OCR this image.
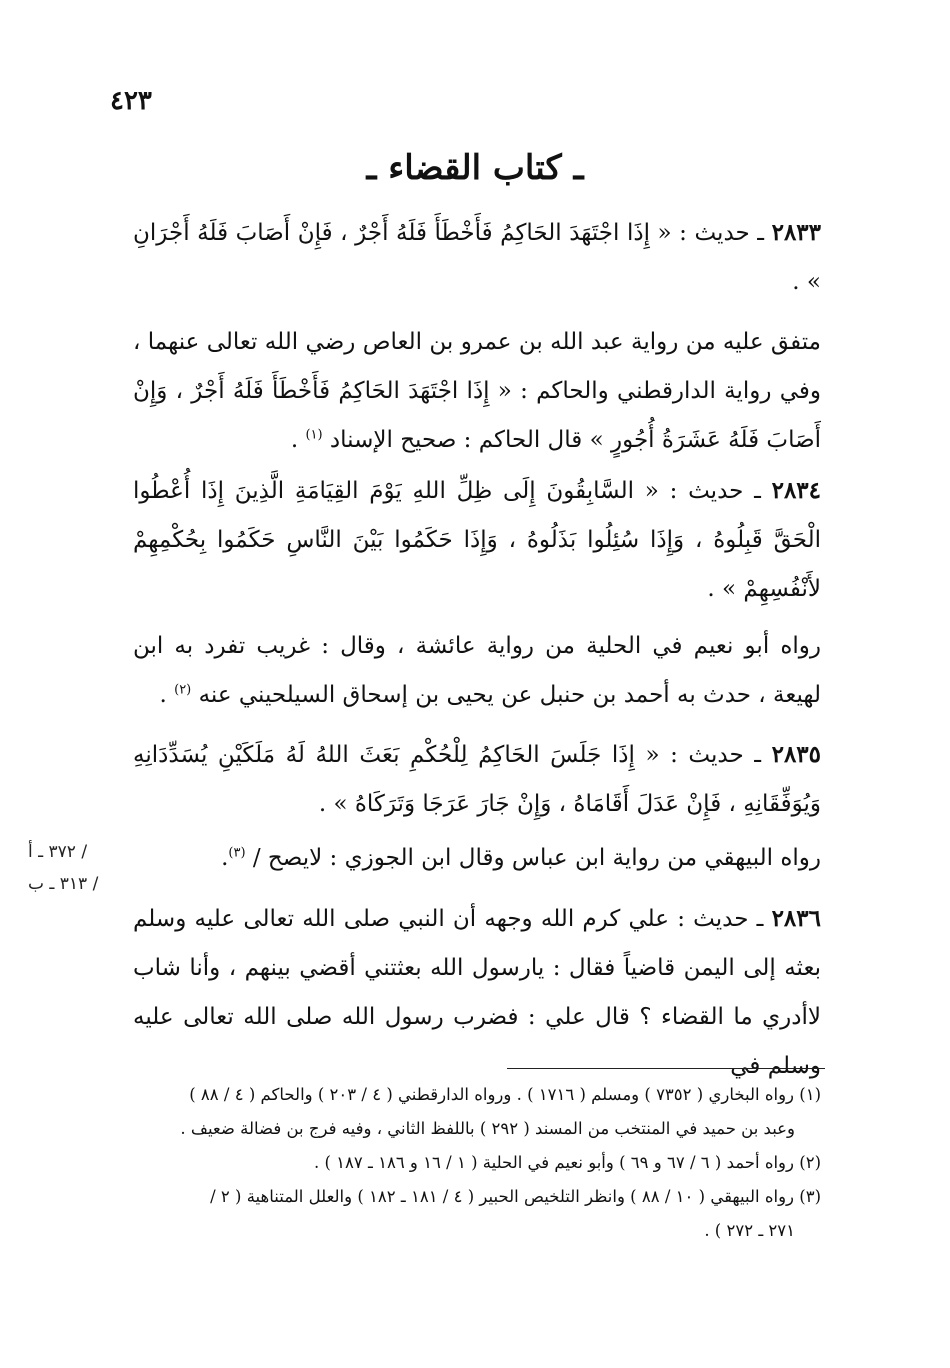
٤٢٣
ـ كتاب القضاء ـ

٢٨٣٣ ـ حديث : « إِذَا اجْتَهَدَ الحَاكِمُ فَأَخْطَأَ فَلَهُ أَجْرٌ ، فَإِنْ أَصَابَ فَلَهُ أَجْرَانِ » .

متفق عليه من رواية عبد الله بن عمرو بن العاص رضي الله تعالى عنهما ، وفي رواية الدارقطني والحاكم : « إِذَا اجْتَهَدَ الحَاكِمُ فَأَخْطَأَ فَلَهُ أَجْرٌ ، وَإِنْ أَصَابَ فَلَهُ عَشَرَةُ أُجُورٍ » قال الحاكم : صحيح الإسناد $^{(١)}$ .

٢٨٣٤ ـ حديث : « السَّابِقُونَ إِلَى ظِلِّ اللهِ يَوْمَ القِيَامَةِ الَّذِينَ إِذَا أُعْطُوا الْحَقَّ قَبِلُوهُ ، وَإِذَا سُئِلُوا بَذَلُوهُ ، وَإِذَا حَكَمُوا بَيْنَ النَّاسِ حَكَمُوا بِحُكْمِهِمْ لأَنْفُسِهِمْ » .

رواه أبو نعيم في الحلية من رواية عائشة ، وقال : غريب تفرد به ابن لهيعة ، حدث به أحمد بن حنبل عن يحيى بن إسحاق السيلحيني عنه $^{(٢)}$ .

٢٨٣٥ ـ حديث : « إِذَا جَلَسَ الحَاكِمُ لِلْحُكْمِ بَعَثَ اللهُ لَهُ مَلَكَيْنِ يُسَدِّدَانِهِ وَيُوَفِّقَانِهِ ، فَإِنْ عَدَلَ أَقَامَاهُ ، وَإِنْ جَارَ عَرَجَا وَتَرَكَاهُ » .

رواه البيهقي من رواية ابن عباس وقال ابن الجوزي : لايصح / $^{(٣)}$.

/ ٣٧٢ ـ أ
/ ٣١٣ ـ ب

٢٨٣٦ ـ حديث : علي كرم الله وجهه أن النبي صلى الله تعالى عليه وسلم بعثه إلى اليمن قاضياً فقال : يارسول الله بعثتني أقضي بينهم ، وأنا شاب لاأدري ما القضاء ؟ قال علي : فضرب رسول الله صلى الله تعالى عليه وسلم في

(١) رواه البخاري ( ٧٣٥٢ ) ومسلم ( ١٧١٦ ) . ورواه الدارقطني ( ٤ / ٢٠٣ ) والحاكم ( ٤ / ٨٨ )

وعبد بن حميد في المنتخب من المسند ( ٢٩٢ ) باللفظ الثاني ، وفيه فرج بن فضالة ضعيف .

(٢) رواه أحمد ( ٦ / ٦٧ و ٦٩ ) وأبو نعيم في الحلية ( ١ / ١٦ و ١٨٦ ـ ١٨٧ ) .

(٣) رواه البيهقي ( ١٠ / ٨٨ ) وانظر التلخيص الحبير ( ٤ / ١٨١ ـ ١٨٢ ) والعلل المتناهية ( ٢ /

٢٧١ ـ ٢٧٢ ) .
